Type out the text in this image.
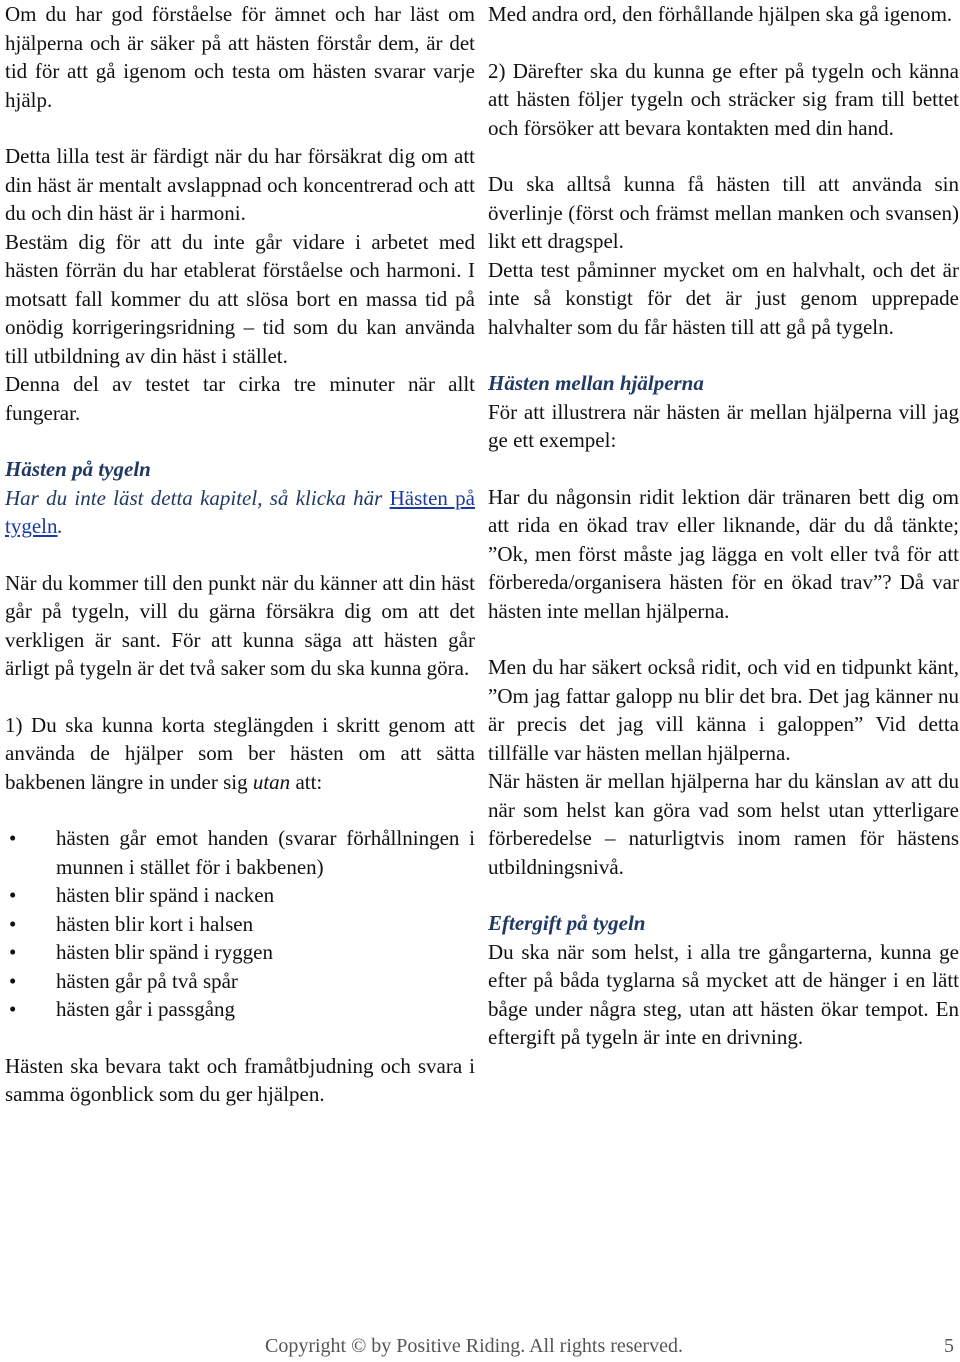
Om du har god förståelse för ämnet och har läst om hjälperna och är säker på att hästen förstår dem, är det tid för att gå igenom och testa om hästen svarar varje hjälp.

Detta lilla test är färdigt när du har försäkrat dig om att din häst är mentalt avslappnad och koncentrerad och att du och din häst är i harmoni.

Bestäm dig för att du inte går vidare i arbetet med hästen förrän du har etablerat förståelse och harmoni. I motsatt fall kommer du att slösa bort en massa tid på onödig korrigeringsridning – tid som du kan använda till utbildning av din häst i stället.

Denna del av testet tar cirka tre minuter när allt fungerar.

Hästen på tygeln

Har du inte läst detta kapitel, så klicka här Hästen på tygeln.

När du kommer till den punkt när du känner att din häst går på tygeln, vill du gärna försäkra dig om att det verkligen är sant. För att kunna säga att hästen går ärligt på tygeln är det två saker som du ska kunna göra.

1) Du ska kunna korta steglängden i skritt genom att använda de hjälper som ber hästen om att sätta bakbenen längre in under sig utan att:

• hästen går emot handen (svarar förhållningen i munnen i stället för i bakbenen)
• hästen blir spänd i nacken
• hästen blir kort i halsen
• hästen blir spänd i ryggen
• hästen går på två spår
• hästen går i passgång

Hästen ska bevara takt och framåtbjudning och svara i samma ögonblick som du ger hjälpen.

Med andra ord, den förhållande hjälpen ska gå igenom.

2) Därefter ska du kunna ge efter på tygeln och känna att hästen följer tygeln och sträcker sig fram till bettet och försöker att bevara kontakten med din hand.

Du ska alltså kunna få hästen till att använda sin överlinje (först och främst mellan manken och svansen) likt ett dragspel.

Detta test påminner mycket om en halvhalt, och det är inte så konstigt för det är just genom upprepade halvhalter som du får hästen till att gå på tygeln.

Hästen mellan hjälperna

För att illustrera när hästen är mellan hjälperna vill jag ge ett exempel:

Har du någonsin ridit lektion där tränaren bett dig om att rida en ökad trav eller liknande, där du då tänkte; ”Ok, men först måste jag lägga en volt eller två för att förbereda/organisera hästen för en ökad trav”? Då var hästen inte mellan hjälperna.

Men du har säkert också ridit, och vid en tidpunkt känt, ”Om jag fattar galopp nu blir det bra. Det jag känner nu är precis det jag vill känna i galoppen” Vid detta tillfälle var hästen mellan hjälperna.

När hästen är mellan hjälperna har du känslan av att du när som helst kan göra vad som helst utan ytterligare förberedelse – naturligtvis inom ramen för hästens utbildningsnivå.

Eftergift på tygeln

Du ska när som helst, i alla tre gångarterna, kunna ge efter på båda tyglarna så mycket att de hänger i en lätt båge under några steg, utan att hästen ökar tempot. En eftergift på tygeln är inte en drivning.

Copyright © by Positive Riding. All rights reserved.	5
